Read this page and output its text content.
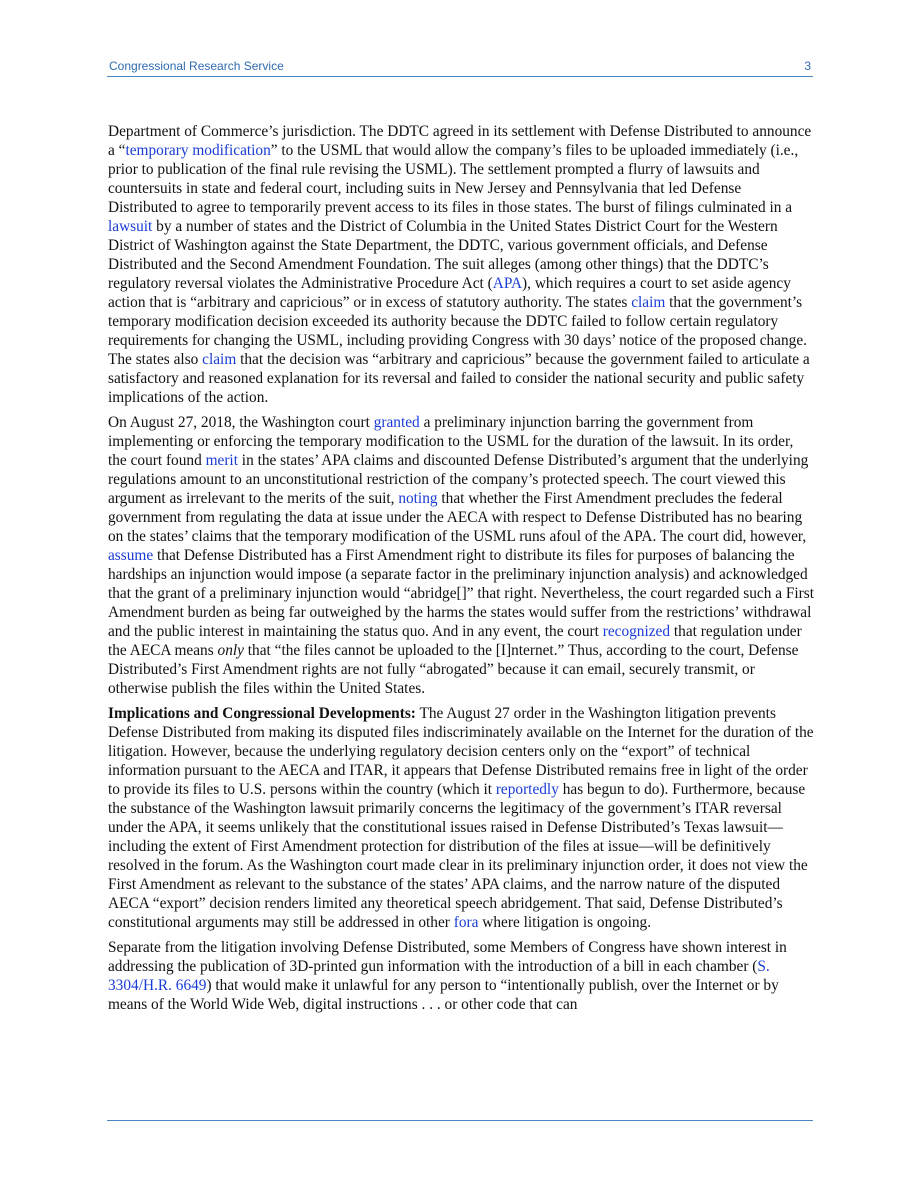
Congressional Research Service	3

Department of Commerce’s jurisdiction. The DDTC agreed in its settlement with Defense Distributed to announce a “temporary modification” to the USML that would allow the company’s files to be uploaded immediately (i.e., prior to publication of the final rule revising the USML). The settlement prompted a flurry of lawsuits and countersuits in state and federal court, including suits in New Jersey and Pennsylvania that led Defense Distributed to agree to temporarily prevent access to its files in those states. The burst of filings culminated in a lawsuit by a number of states and the District of Columbia in the United States District Court for the Western District of Washington against the State Department, the DDTC, various government officials, and Defense Distributed and the Second Amendment Foundation. The suit alleges (among other things) that the DDTC’s regulatory reversal violates the Administrative Procedure Act (APA), which requires a court to set aside agency action that is “arbitrary and capricious” or in excess of statutory authority. The states claim that the government’s temporary modification decision exceeded its authority because the DDTC failed to follow certain regulatory requirements for changing the USML, including providing Congress with 30 days’ notice of the proposed change. The states also claim that the decision was “arbitrary and capricious” because the government failed to articulate a satisfactory and reasoned explanation for its reversal and failed to consider the national security and public safety implications of the action.

On August 27, 2018, the Washington court granted a preliminary injunction barring the government from implementing or enforcing the temporary modification to the USML for the duration of the lawsuit. In its order, the court found merit in the states’ APA claims and discounted Defense Distributed’s argument that the underlying regulations amount to an unconstitutional restriction of the company’s protected speech. The court viewed this argument as irrelevant to the merits of the suit, noting that whether the First Amendment precludes the federal government from regulating the data at issue under the AECA with respect to Defense Distributed has no bearing on the states’ claims that the temporary modification of the USML runs afoul of the APA. The court did, however, assume that Defense Distributed has a First Amendment right to distribute its files for purposes of balancing the hardships an injunction would impose (a separate factor in the preliminary injunction analysis) and acknowledged that the grant of a preliminary injunction would “abridge[]” that right. Nevertheless, the court regarded such a First Amendment burden as being far outweighed by the harms the states would suffer from the restrictions’ withdrawal and the public interest in maintaining the status quo. And in any event, the court recognized that regulation under the AECA means only that “the files cannot be uploaded to the [I]nternet.” Thus, according to the court, Defense Distributed’s First Amendment rights are not fully “abrogated” because it can email, securely transmit, or otherwise publish the files within the United States.

Implications and Congressional Developments: The August 27 order in the Washington litigation prevents Defense Distributed from making its disputed files indiscriminately available on the Internet for the duration of the litigation. However, because the underlying regulatory decision centers only on the “export” of technical information pursuant to the AECA and ITAR, it appears that Defense Distributed remains free in light of the order to provide its files to U.S. persons within the country (which it reportedly has begun to do). Furthermore, because the substance of the Washington lawsuit primarily concerns the legitimacy of the government’s ITAR reversal under the APA, it seems unlikely that the constitutional issues raised in Defense Distributed’s Texas lawsuit—including the extent of First Amendment protection for distribution of the files at issue—will be definitively resolved in the forum. As the Washington court made clear in its preliminary injunction order, it does not view the First Amendment as relevant to the substance of the states’ APA claims, and the narrow nature of the disputed AECA “export” decision renders limited any theoretical speech abridgement. That said, Defense Distributed’s constitutional arguments may still be addressed in other fora where litigation is ongoing.

Separate from the litigation involving Defense Distributed, some Members of Congress have shown interest in addressing the publication of 3D-printed gun information with the introduction of a bill in each chamber (S. 3304/H.R. 6649) that would make it unlawful for any person to “intentionally publish, over the Internet or by means of the World Wide Web, digital instructions . . . or other code that can
